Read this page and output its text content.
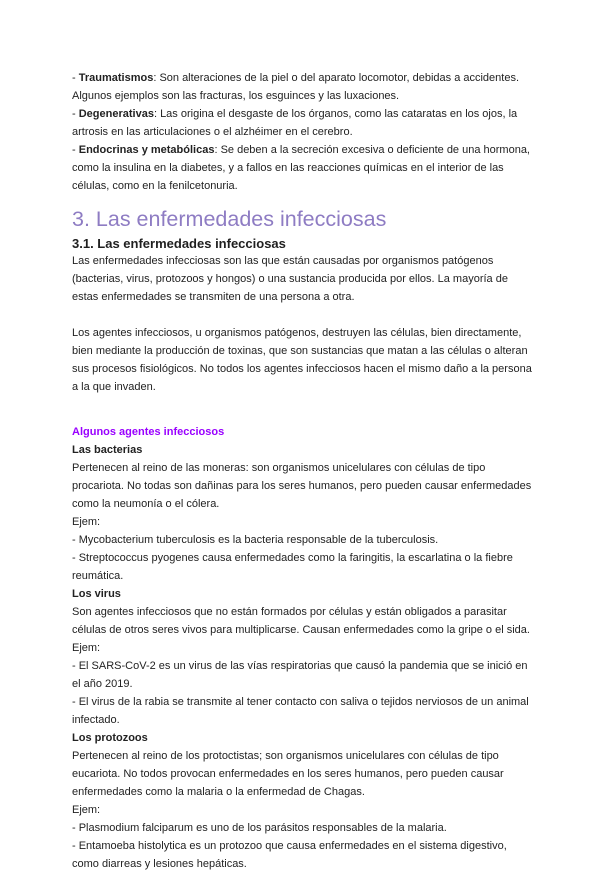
- Traumatismos: Son alteraciones de la piel o del aparato locomotor, debidas a accidentes. Algunos ejemplos son las fracturas, los esguinces y las luxaciones.

- Degenerativas: Las origina el desgaste de los órganos, como las cataratas en los ojos, la artrosis en las articulaciones o el alzhéimer en el cerebro.

- Endocrinas y metabólicas: Se deben a la secreción excesiva o deficiente de una hormona, como la insulina en la diabetes, y a fallos en las reacciones químicas en el interior de las células, como en la fenilcetonuria.

3. Las enfermedades infecciosas
3.1. Las enfermedades infecciosas

Las enfermedades infecciosas son las que están causadas por organismos patógenos (bacterias, virus, protozoos y hongos) o una sustancia producida por ellos. La mayoría de estas enfermedades se transmiten de una persona a otra.

Los agentes infecciosos, u organismos patógenos, destruyen las células, bien directamente, bien mediante la producción de toxinas, que son sustancias que matan a las células o alteran sus procesos fisiológicos. No todos los agentes infecciosos hacen el mismo daño a la persona a la que invaden.

Algunos agentes infecciosos

Las bacterias

Pertenecen al reino de las moneras: son organismos unicelulares con células de tipo procariota. No todas son dañinas para los seres humanos, pero pueden causar enfermedades como la neumonía o el cólera.

Ejem:

- Mycobacterium tuberculosis es la bacteria responsable de la tuberculosis.

- Streptococcus pyogenes causa enfermedades como la faringitis, la escarlatina o la fiebre reumática.

Los virus

Son agentes infecciosos que no están formados por células y están obligados a parasitar células de otros seres vivos para multiplicarse. Causan enfermedades como la gripe o el sida.

Ejem:

- El SARS-CoV-2 es un virus de las vías respiratorias que causó la pandemia que se inició en el año 2019.

- El virus de la rabia se transmite al tener contacto con saliva o tejidos nerviosos de un animal infectado.

Los protozoos

Pertenecen al reino de los protoctistas; son organismos unicelulares con células de tipo eucariota. No todos provocan enfermedades en los seres humanos, pero pueden causar enfermedades como la malaria o la enfermedad de Chagas.

Ejem:

- Plasmodium falciparum es uno de los parásitos responsables de la malaria.

- Entamoeba histolytica es un protozoo que causa enfermedades en el sistema digestivo, como diarreas y lesiones hepáticas.
